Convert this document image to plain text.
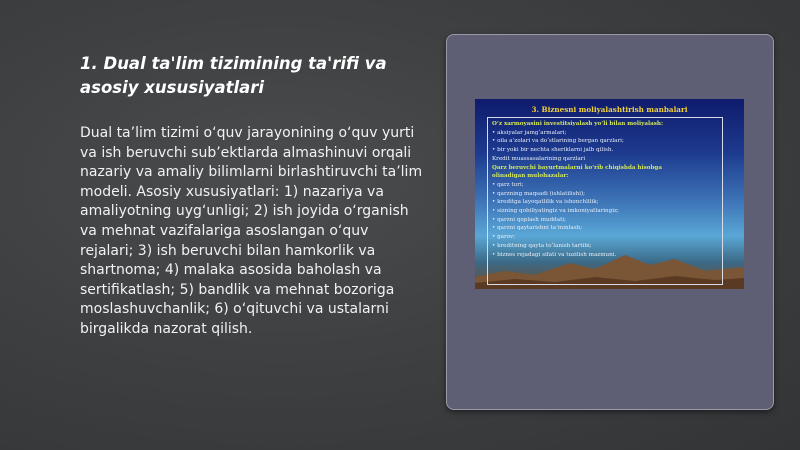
1. Dual ta'lim tizimining ta'rifi va asosiy xususiyatlari
Dual ta’lim tizimi o‘quv jarayonining o‘quv yurti va ish beruvchi sub’ektlarda almashinuvi orqali nazariy va amaliy bilimlarni birlashtiruvchi ta’lim modeli. Asosiy xususiyatlari: 1) nazariya va amaliyotning uyg‘unligi; 2) ish joyida o‘rganish va mehnat vazifalariga asoslangan o‘quv rejalari; 3) ish beruvchi bilan hamkorlik va shartnoma; 4) malaka asosida baholash va sertifikatlash; 5) bandlik va mehnat bozoriga moslashuvchanlik; 6) o‘qituvchi va ustalarni birgalikda nazorat qilish.
3. Biznesni moliyalashtirish manbalari
O‘z xarmoyasini investitsiyalash yo‘li bilan moliyalash:
• aksiyalar jamg‘armalari;
• oila a’zolari va do‘stlarining bergan qarzlari;
• bir yoki bir nechta sheriklarni jalb qilish.
Kredit muassasalarining qarzlari
Qarz beruvchi bayurtmalarni ko‘rib chiqishda hisobga
olinadigan mulohazalar:
• qarz turi;
• qarzning maqsadi (ishlatilishi);
• kreditga layoqatlilik va ishonchlilik;
• sizning qobiliyatingiz va imkoniyatlaringiz;
• qarzni qoplash muddati;
• qarzni qaytarishni ta’minlash;
• garov;
• kreditning qayta to‘lanish tartibi;
• biznes rejadagi sifati va tuzilish mazmuni.
